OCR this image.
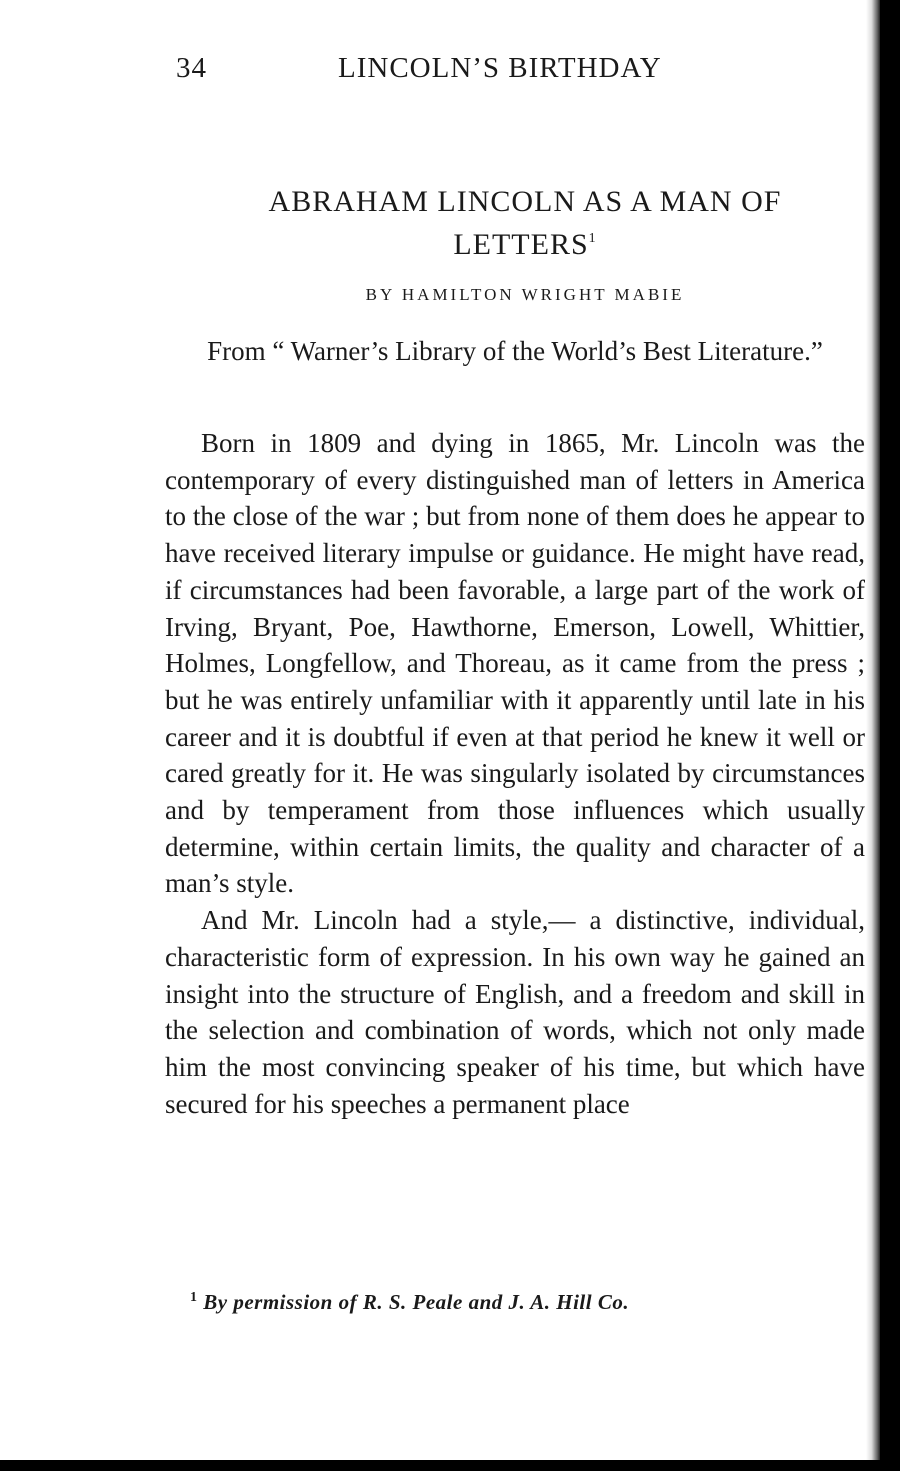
34	LINCOLN’S BIRTHDAY
ABRAHAM LINCOLN AS A MAN OF LETTERS$^1$
BY HAMILTON WRIGHT MABIE
From “ Warner’s Library of the World’s Best Literature.”

Born in 1809 and dying in 1865, Mr. Lincoln was the contemporary of every distinguished man of letters in America to the close of the war ; but from none of them does he appear to have received literary impulse or guidance. He might have read, if circumstances had been favorable, a large part of the work of Irving, Bryant, Poe, Hawthorne, Emerson, Lowell, Whittier, Holmes, Longfellow, and Thoreau, as it came from the press ; but he was entirely unfamiliar with it apparently until late in his career and it is doubtful if even at that period he knew it well or cared greatly for it. He was singularly isolated by circumstances and by temperament from those influences which usually determine, within certain limits, the quality and character of a man’s style.

And Mr. Lincoln had a style,— a distinctive, individual, characteristic form of expression. In his own way he gained an insight into the structure of English, and a freedom and skill in the selection and combination of words, which not only made him the most convincing speaker of his time, but which have secured for his speeches a permanent place

$^1$ By permission of R. S. Peale and J. A. Hill Co.
